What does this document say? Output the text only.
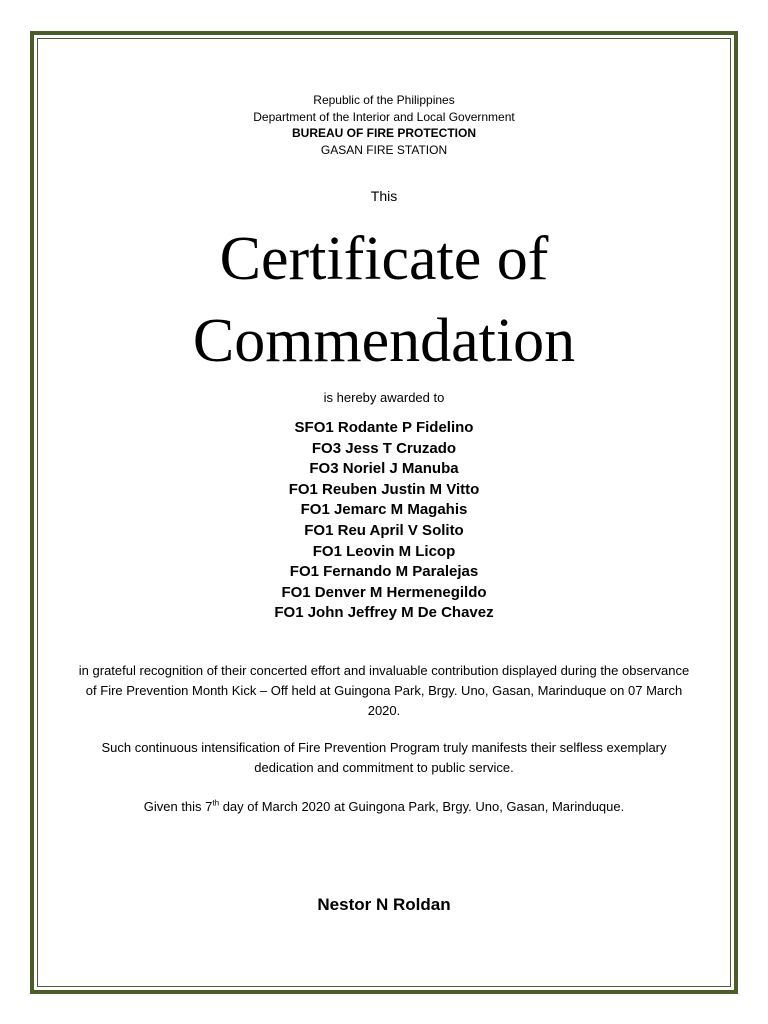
Republic of the Philippines
Department of the Interior and Local Government
BUREAU OF FIRE PROTECTION
GASAN FIRE STATION
This
Certificate of
Commendation
is hereby awarded to
SFO1 Rodante P Fidelino
FO3 Jess T Cruzado
FO3 Noriel J Manuba
FO1 Reuben Justin M Vitto
FO1 Jemarc M Magahis
FO1 Reu April V Solito
FO1 Leovin M Licop
FO1 Fernando M Paralejas
FO1 Denver M Hermenegildo
FO1 John Jeffrey M De Chavez
in grateful recognition of their concerted effort and invaluable contribution displayed during the observance of Fire Prevention Month Kick – Off held at Guingona Park, Brgy. Uno, Gasan, Marinduque on 07 March 2020.
Such continuous intensification of Fire Prevention Program truly manifests their selfless exemplary dedication and commitment to public service.
Given this 7th day of March 2020 at Guingona Park, Brgy. Uno, Gasan, Marinduque.
Nestor N Roldan
